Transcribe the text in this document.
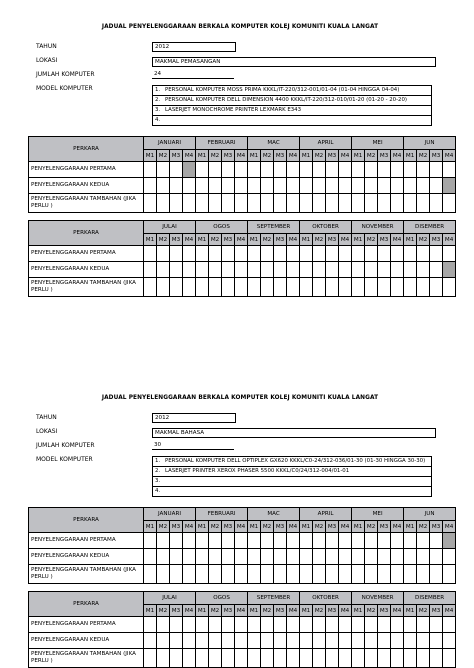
JADUAL PENYELENGGARAAN BERKALA KOMPUTER KOLEJ KOMUNITI KUALA LANGAT
TAHUN	2012
LOKASI	MAKMAL PEMASANGAN
JUMLAH KOMPUTER	24
MODEL KOMPUTER	1. PERSONAL KOMPUTER MOSS PRIMA KKKL/IT-220/312-001/01-04 (01-04 HINGGA 04-04)
2. PERSONAL KOMPUTER DELL DIMENSION 4400 KKKL/IT-220/312-010/01-20 (01-20 - 20-20)
3. LASERJET MONOCHROME PRINTER LEXMARK E343
4.
PERKARA	JANUARI				FEBRUARI				MAC				APRIL				MEI				JUN			
	M1	M2	M3	M4	M1	M2	M3	M4	M1	M2	M3	M4	M1	M2	M3	M4	M1	M2	M3	M4	M1	M2	M3	M4
PENYELENGGARAAN PERTAMA																								
PENYELENGGARAAN KEDUA																								
PENYELENGGARAAN TAMBAHAN (JIKA PERLU )																								
PERKARA	JULAI				OGOS				SEPTEMBER				OKTOBER				NOVEMBER				DISEMBER			
	M1	M2	M3	M4	M1	M2	M3	M4	M1	M2	M3	M4	M1	M2	M3	M4	M1	M2	M3	M4	M1	M2	M3	M4
PENYELENGGARAAN PERTAMA																								
PENYELENGGARAAN KEDUA																								
PENYELENGGARAAN TAMBAHAN (JIKA PERLU )																								
JADUAL PENYELENGGARAAN BERKALA KOMPUTER KOLEJ KOMUNITI KUALA LANGAT
TAHUN	2012
LOKASI	MAKMAL BAHASA
JUMLAH KOMPUTER	30
MODEL KOMPUTER	1. PERSONAL KOMPUTER DELL OPTIPLEX GX620 KKKL/C0-24/312-036/01-30 (01-30 HINGGA 30-30)
2. LASERJET PRINTER XEROX PHASER 5500 KKKL/C0/24/312-004/01-01
3.
4.
PERKARA	JANUARI				FEBRUARI				MAC				APRIL				MEI				JUN			
	M1	M2	M3	M4	M1	M2	M3	M4	M1	M2	M3	M4	M1	M2	M3	M4	M1	M2	M3	M4	M1	M2	M3	M4
PENYELENGGARAAN PERTAMA																								
PENYELENGGARAAN KEDUA																								
PENYELENGGARAAN TAMBAHAN (JIKA PERLU )																								
PERKARA	JULAI				OGOS				SEPTEMBER				OKTOBER				NOVEMBER				DISEMBER			
	M1	M2	M3	M4	M1	M2	M3	M4	M1	M2	M3	M4	M1	M2	M3	M4	M1	M2	M3	M4	M1	M2	M3	M4
PENYELENGGARAAN PERTAMA																								
PENYELENGGARAAN KEDUA																								
PENYELENGGARAAN TAMBAHAN (JIKA PERLU )																								
